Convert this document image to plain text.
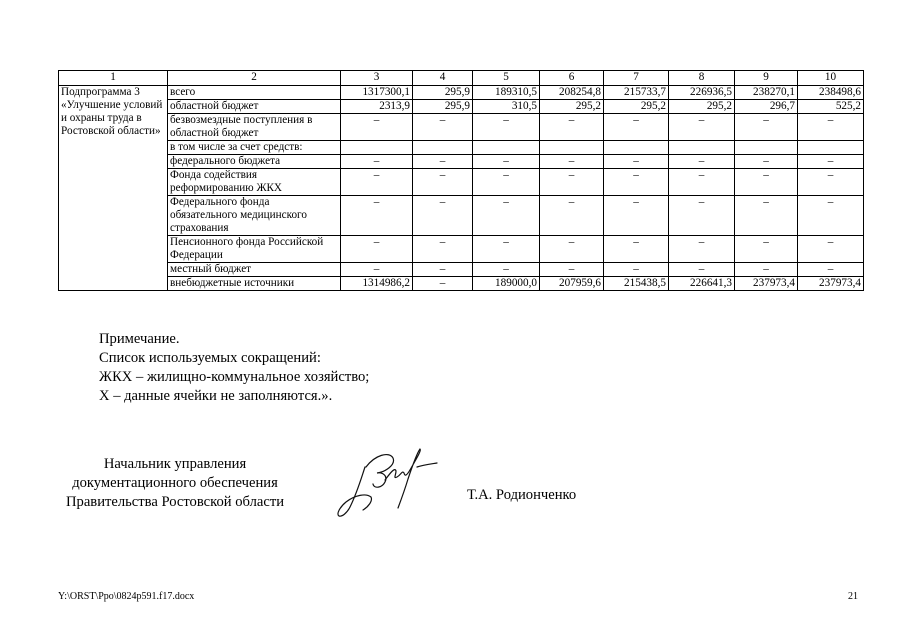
1	2	3	4	5	6	7	8	9	10
Подпрограмма 3 «Улучшение условий и охраны труда в Ростовской области»	всего	1317300,1	295,9	189310,5	208254,8	215733,7	226936,5	238270,1	238498,6
	областной бюджет	2313,9	295,9	310,5	295,2	295,2	295,2	296,7	525,2
	безвозмездные поступления в областной бюджет	–	–	–	–	–	–	–	–
	в том числе за счет средств:								
	федерального бюджета	–	–	–	–	–	–	–	–
	Фонда содействия реформированию ЖКХ	–	–	–	–	–	–	–	–
	Федерального фонда обязательного медицинского страхования	–	–	–	–	–	–	–	–
	Пенсионного фонда Российской Федерации	–	–	–	–	–	–	–	–
	местный бюджет	–	–	–	–	–	–	–	–
	внебюджетные источники	1314986,2	–	189000,0	207959,6	215438,5	226641,3	237973,4	237973,4
Примечание.
Список используемых сокращений:
ЖКХ – жилищно-коммунальное хозяйство;
Х – данные ячейки не заполняются.».
Начальник управления
документационного обеспечения
Правительства Ростовской области	Т.А. Родионченко
Y:\ORST\Ppo\0824p591.f17.docx	21
